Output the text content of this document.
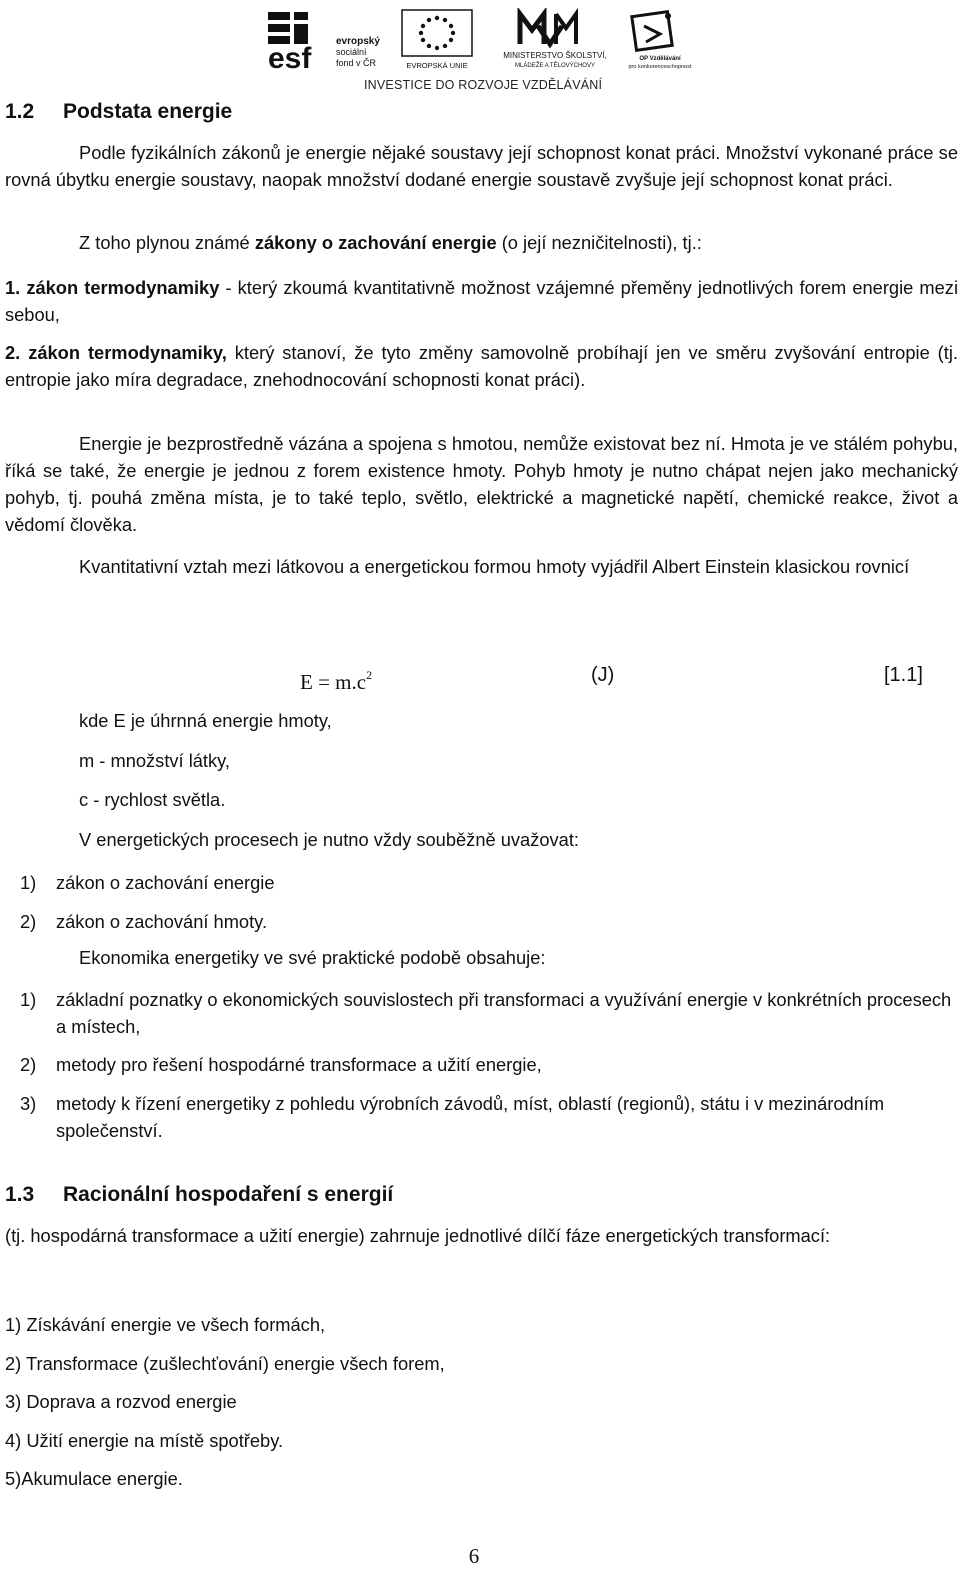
esf
evropský
sociální
fond v ČR	EVROPSKÁ UNIE
MINISTERSTVO ŠKOLSTVÍ,
MLÁDEŽE A TĚLOVÝCHOVY
OP Vzdělávání
pro konkurenceschopnost
INVESTICE DO ROZVOJE VZDĚLÁVÁNÍ
1.2 Podstata energie

Podle fyzikálních zákonů je energie nějaké soustavy její schopnost konat práci. Množství vykonané práce se rovná úbytku energie soustavy, naopak množství dodané energie soustavě zvyšuje její schopnost konat práci.

Z toho plynou známé zákony o zachování energie (o její nezničitelnosti), tj.:

1. zákon termodynamiky - který zkoumá kvantitativně možnost vzájemné přeměny jednotlivých forem energie mezi sebou,

2. zákon termodynamiky, který stanoví, že tyto změny samovolně probíhají jen ve směru zvyšování entropie (tj. entropie jako míra degradace, znehodnocování schopnosti konat práci).

Energie je bezprostředně vázána a spojena s hmotou, nemůže existovat bez ní. Hmota je ve stálém pohybu, říká se také, že energie je jednou z forem existence hmoty. Pohyb hmoty je nutno chápat nejen jako mechanický pohyb, tj. pouhá změna místa, je to také teplo, světlo, elektrické a magnetické napětí, chemické reakce, život a vědomí člověka.

Kvantitativní vztah mezi látkovou a energetickou formou hmoty vyjádřil Albert Einstein klasickou rovnicí

$E = m.c^2$	(J)	[1.1]

kde E je úhrnná energie hmoty,

m - množství látky,

c - rychlost světla.

V energetických procesech je nutno vždy souběžně uvažovat:

1) zákon o zachování energie
2) zákon o zachování hmoty.

Ekonomika energetiky ve své praktické podobě obsahuje:

1) základní poznatky o ekonomických souvislostech při transformaci a využívání energie v konkrétních procesech a místech,
2) metody pro řešení hospodárné transformace a užití energie,
3) metody k řízení energetiky z pohledu výrobních závodů, míst, oblastí (regionů), státu i v mezinárodním společenství.
1.3 Racionální hospodaření s energií

(tj. hospodárná transformace a užití energie) zahrnuje jednotlivé dílčí fáze energetických transformací:

1) Získávání energie ve všech formách,

2) Transformace (zušlechťování) energie všech forem,

3) Doprava a rozvod energie

4) Užití energie na místě spotřeby.

5)Akumulace energie.

6
